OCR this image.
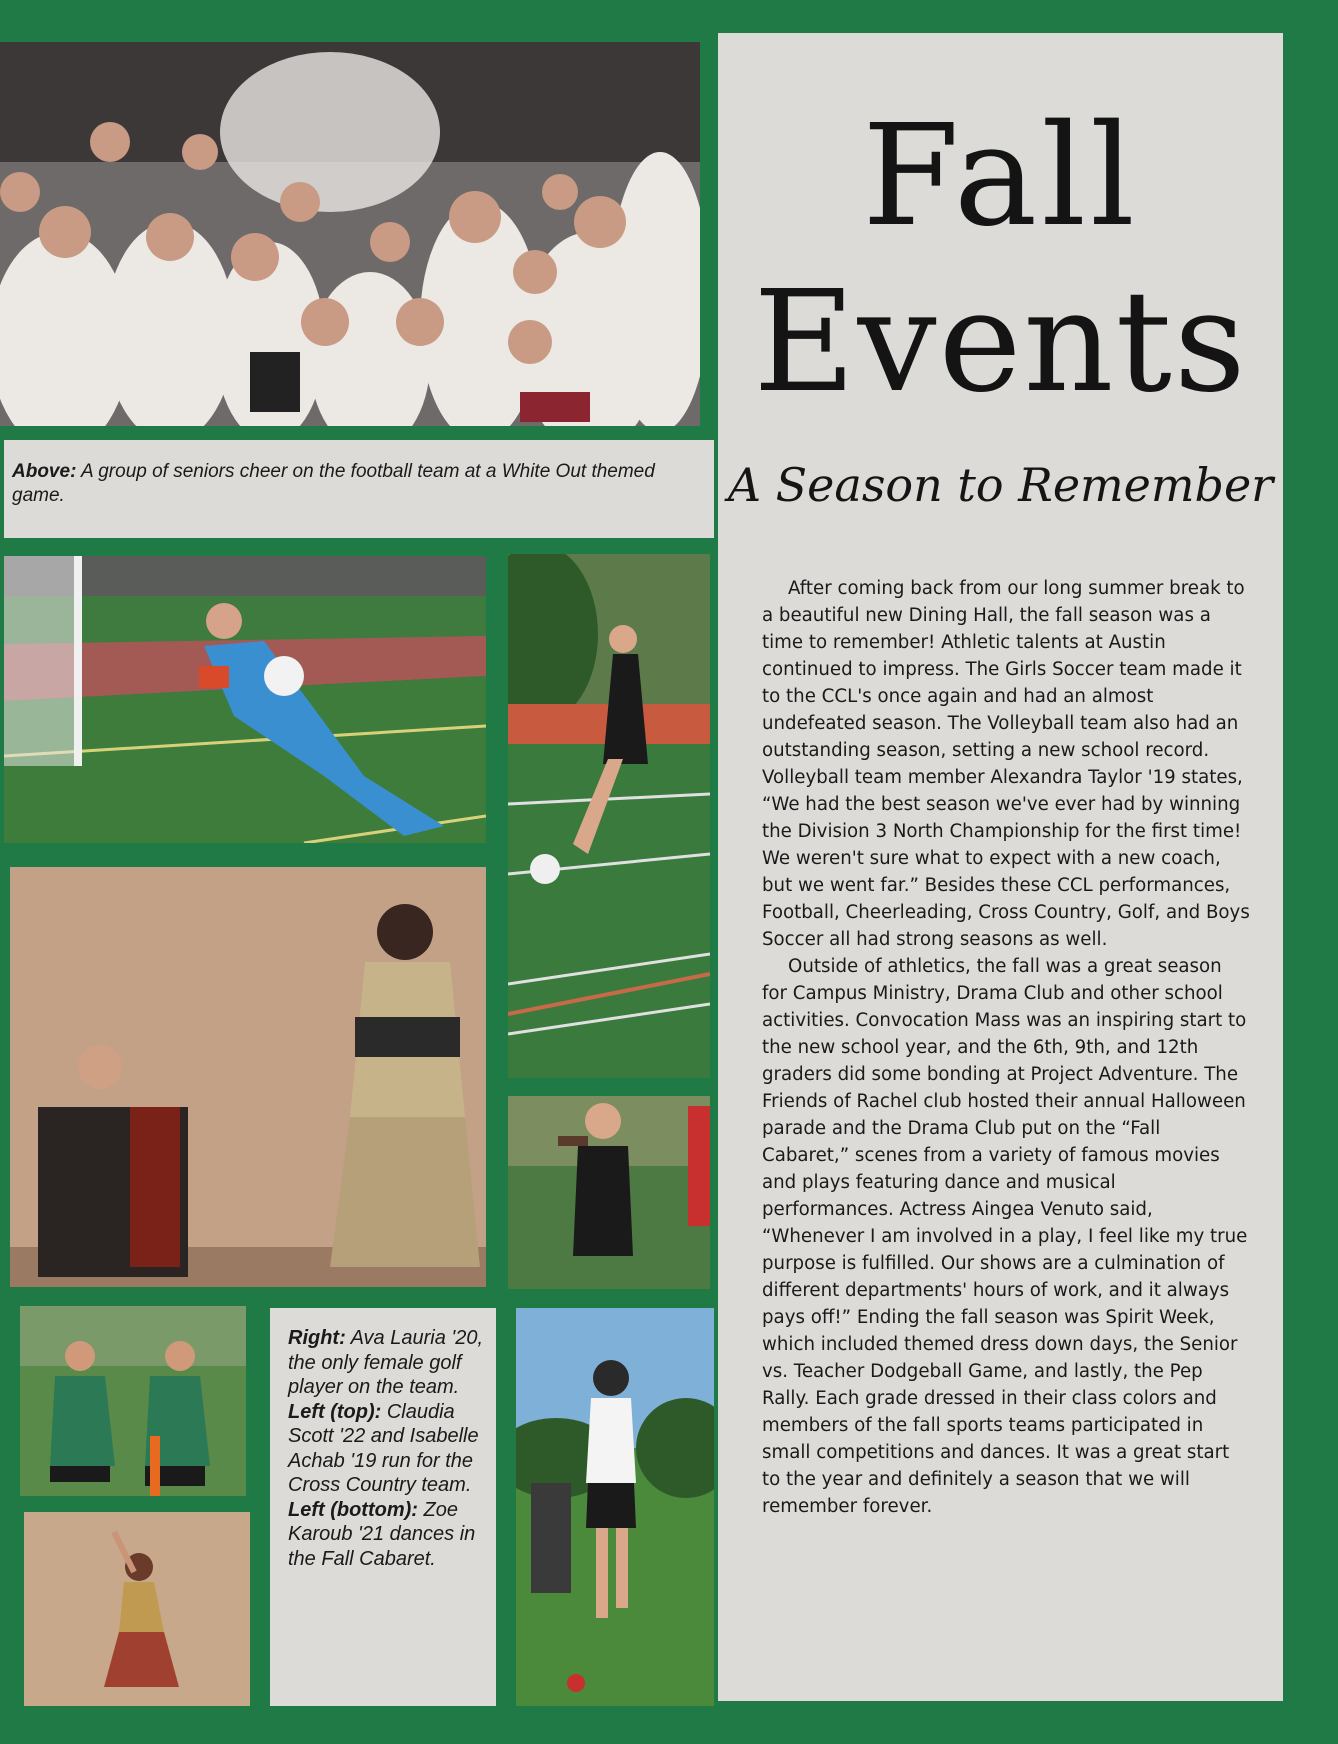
Above: A group of seniors cheer on the football team at a White Out themed game.
Right: Ava Lauria '20, the only female golf player on the team.
Left (top): Claudia Scott '22 and Isabelle Achab '19 run for the Cross Country team.
Left (bottom): Zoe Karoub '21 dances in the Fall Cabaret.
Fall
Events
A Season to Remember

After coming back from our long summer break to a beautiful new Dining Hall, the fall season was a time to remember! Athletic talents at Austin continued to impress. The Girls Soccer team made it to the CCL's once again and had an almost undefeated season. The Volleyball team also had an outstanding season, setting a new school record. Volleyball team member Alexandra Taylor '19 states, “We had the best season we've ever had by winning the Division 3 North Championship for the first time! We weren't sure what to expect with a new coach, but we went far.” Besides these CCL performances, Football, Cheerleading, Cross Country, Golf, and Boys Soccer all had strong seasons as well.

Outside of athletics, the fall was a great season for Campus Ministry, Drama Club and other school activities. Convocation Mass was an inspiring start to the new school year, and the 6th, 9th, and 12th graders did some bonding at Project Adventure. The Friends of Rachel club hosted their annual Halloween parade and the Drama Club put on the “Fall Cabaret,” scenes from a variety of famous movies and plays featuring dance and musical performances. Actress Aingea Venuto said, “Whenever I am involved in a play, I feel like my true purpose is fulfilled. Our shows are a culmination of different departments' hours of work, and it always pays off!” Ending the fall season was Spirit Week, which included themed dress down days, the Senior vs. Teacher Dodgeball Game, and lastly, the Pep Rally. Each grade dressed in their class colors and members of the fall sports teams participated in small competitions and dances. It was a great start to the year and definitely a season that we will remember forever.
